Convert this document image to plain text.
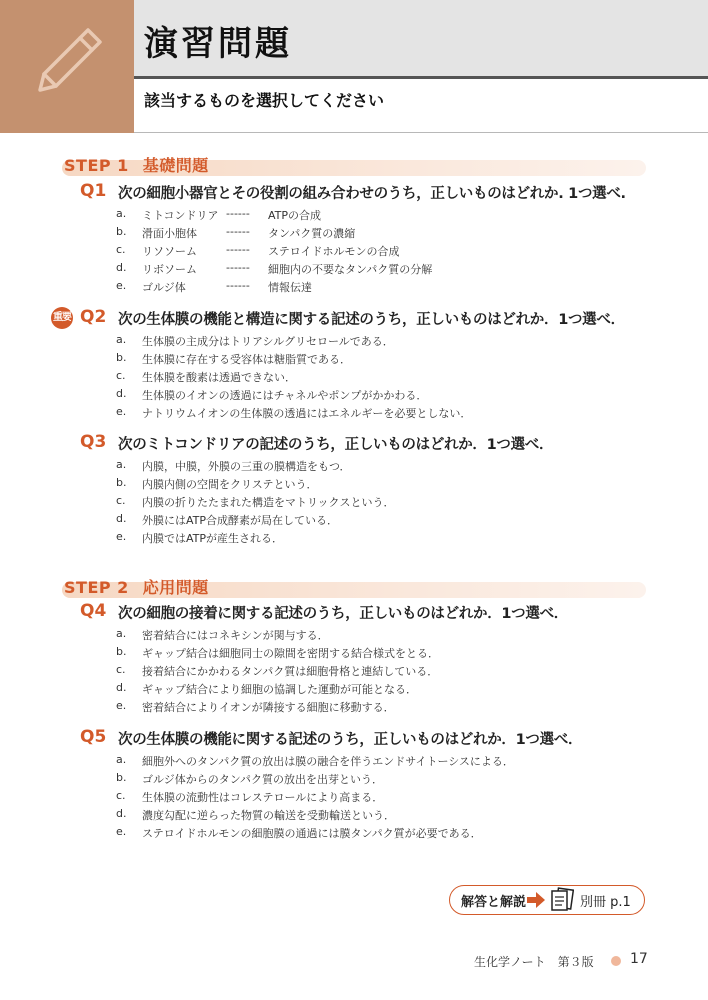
演習問題
該当するものを選択してください
STEP 1 基礎問題
Q1 次の細胞小器官とその役割の組み合わせのうち，正しいものはどれか. 1つ選べ.
a. ミトコンドリア ------ ATPの合成
b. 滑面小胞体	------ タンパク質の濃縮
c. リソソーム	------ ステロイドホルモンの合成
d. リボソーム	------ 細胞内の不要なタンパク質の分解
e. ゴルジ体	------ 情報伝達
重要 Q2 次の生体膜の機能と構造に関する記述のうち，正しいものはどれか．1つ選べ．
a. 生体膜の主成分はトリアシルグリセロールである．
b. 生体膜に存在する受容体は糖脂質である．
c. 生体膜を酸素は透過できない．
d. 生体膜のイオンの透過にはチャネルやポンプがかかわる．
e. ナトリウムイオンの生体膜の透過にはエネルギーを必要としない．
Q3 次のミトコンドリアの記述のうち，正しいものはどれか．1つ選べ．
a. 内膜，中膜，外膜の三重の膜構造をもつ．
b. 内膜内側の空間をクリステという．
c. 内膜の折りたたまれた構造をマトリックスという．
d. 外膜にはATP合成酵素が局在している．
e. 内膜ではATPが産生される．
STEP 2 応用問題
Q4 次の細胞の接着に関する記述のうち，正しいものはどれか．1つ選べ．
a. 密着結合にはコネキシンが関与する．
b. ギャップ結合は細胞同士の隙間を密閉する結合様式をとる．
c. 接着結合にかかわるタンパク質は細胞骨格と連結している．
d. ギャップ結合により細胞の協調した運動が可能となる．
e. 密着結合によりイオンが隣接する細胞に移動する．
Q5 次の生体膜の機能に関する記述のうち，正しいものはどれか．1つ選べ．
a. 細胞外へのタンパク質の放出は膜の融合を伴うエンドサイトーシスによる．
b. ゴルジ体からのタンパク質の放出を出芽という．
c. 生体膜の流動性はコレステロールにより高まる．
d. 濃度勾配に逆らった物質の輸送を受動輸送という．
e. ステロイドホルモンの細胞膜の通過には膜タンパク質が必要である．
解答と解説	別冊 p.1
生化学ノート　第３版	17
